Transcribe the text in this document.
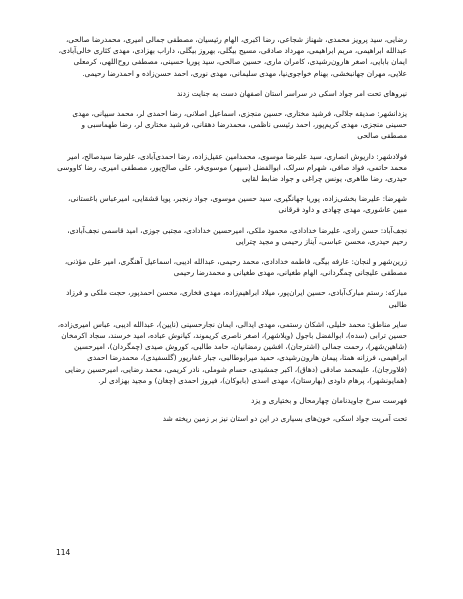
رضایی، سید پرویز محمدی، شهناز شجاعی، رضا اکبری، الهام رئیسیان، مصطفی جمالی امیری، محمدرضا صالحی، عبدالله ابراهیمی، مریم ابراهیمی، مهرداد صادقی، مسیح بیگلی، بهروز بیگلی، داراب بهزادی، مهدی کثاری خالی‌آبادی، ایمان بابایی، اصغر هارون‌رشیدی، کامران ماری، حسین صالحی، سید پوریا حسینی، مصطفی روح‌اللهی، کرمعلی علایی، مهران جهانبخشی، بهنام خواجوی‌نیا، مهدی سلیمانی، مهدی نوری، احمد حسن‌زاده و احمدرضا رحیمی.

نیروهای تحت امر جواد اسکی در سراسر استان اصفهان دست به جنایت زدند

یزدانشهر: صدیقه جلالی، فرشید مختاری، حسین منجزی، اسماعیل اصلانی، رضا احمدی لر، محمد سیپانی، مهدی حسینی منجزی، مهدی کریم‌پور، احمد رئیسی ناظمی، محمدرضا دهقانی، فرشید مختاری لر، رضا طهماسبی و مصطفی صالحی

فولادشهر: داریوش انصاری، سید علیرضا موسوی، محمدامین عقیل‌زاده، رضا احمدی‌آبادی، علیرضا سیدصالح، امیر محمد حاتمی، فواد صافی، شهرام سرلک، ابوالفضل (سپهر) موسوی‌فر، علی صالح‌پور، مصطفی امیری، رضا کاووسی حیدری، رضا طاهری، یونس چراغی و جواد ضابط لقایی

شهرضا: علیرضا بخشی‌زاده، پوریا جهانگیری، سید حسین موسوی، جواد رنجبر، پویا قشقایی، امیرعباس باغستانی، مبین عاشوری، مهدی چهادی و داود فرقانی

نجف‌آباد: حسن رادی، علیرضا خدادادی، محمود ملکی، امیرحسین خدادادی، مجتبی جوزی، امید قاسمی نجف‌آبادی، رحیم حیدری، محسن عباسی، آیناز رحیمی و مجید چترایی

زرین‌شهر و لنجان: عارفه بیگی، فاطمه خدادادی، محمد رحیمی، عبدالله ادیبی، اسماعیل آهنگری، امیر علی مؤذنی، مصطفی علیجانی چمگردانی، الهام طغیانی، مهدی طغیانی و محمدرضا رحیمی

مبارکه: رستم مبارک‌آبادی، حسین ایران‌پور، میلاد ابراهیم‌زاده، مهدی فخاری، محسن احمدپور، حجت ملکی و فرزاد طالبی

سایر مناطق: محمد خلیلی، اشکان رستمی، مهدی ایدالی، ایمان نجارحسینی (نایین)، عبدالله ادیبی، عباس امیری‌زاده، حسین ترابی (سده)، ابوالفضل باجول (ویلاشهر)، اصغر ناصری کریموند، کیانوش عباده، امید خرسند، سجاد اکرمخان (شاهین‌شهر)، رحمت جمالی (اشترجان)، افشین رمضانیان، حامد طالبی، کوروش صیدی (چمگردان)، امیرحسین ابراهیمی، فرزانه همتا، پیمان هارون‌رشیدی، حمید میرابوطالبی، جبار غفارپور (گلسفیدی)، محمدرضا احمدی (فلاورجان)، علیمحمد صادقی (دهاق)، اکبر جمشیدی، حسام شوملی، نادر کریمی، محمد رضایی، امیرحسین رضایی (همایونشهر)، پرهام داودی (بهارستان)، مهدی اسدی (بابوکان)، فیروز احمدی (چغان) و مجید بهزادی لر.

فهرست سرخ جاویدنامان چهارمحال و بختیاری و یزد

تحت آمریت جواد اسکی، خون‌های بسیاری در این دو استان نیز بر زمین ریخته شد

114
